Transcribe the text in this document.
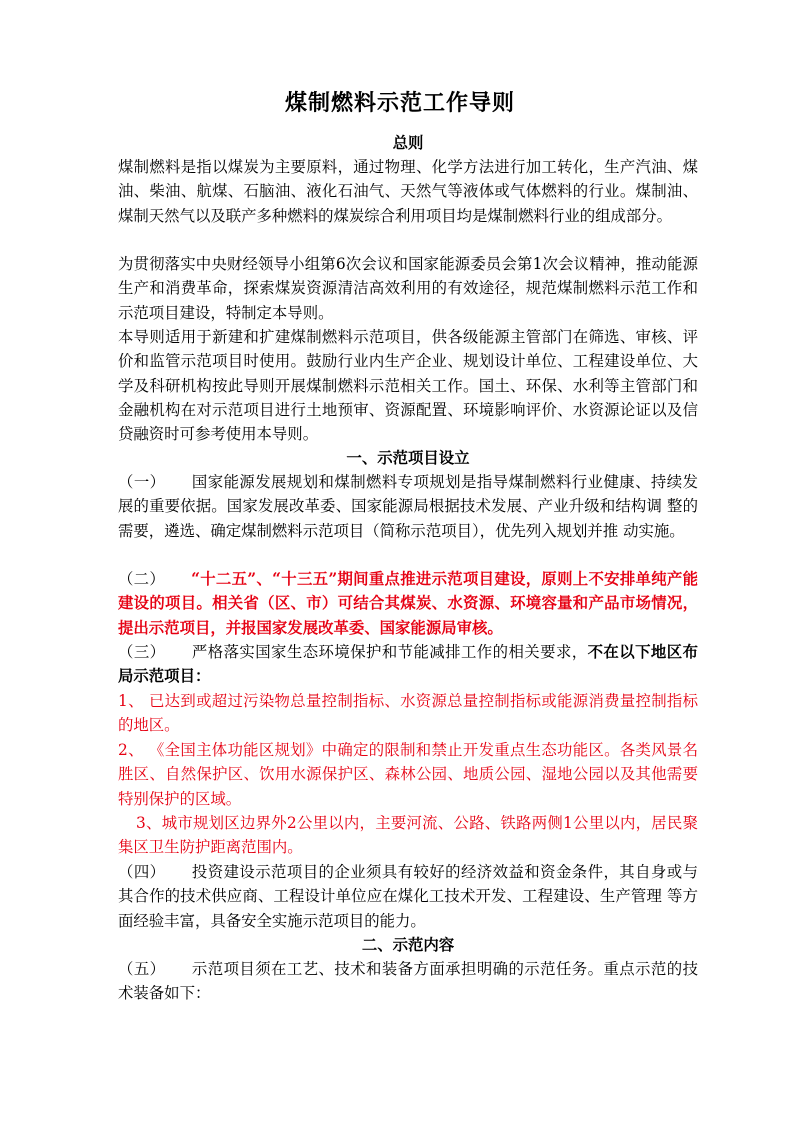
煤制燃料示范工作导则
总则
煤制燃料是指以煤炭为主要原料，通过物理、化学方法进行加工转化，生产汽油、煤油、柴油、航煤、石脑油、液化石油气、天然气等液体或气体燃料的行业。煤制油、煤制天然气以及联产多种燃料的煤炭综合利用项目均是煤制燃料行业的组成部分。
为贯彻落实中央财经领导小组第6次会议和国家能源委员会第1次会议精神，推动能源生产和消费革命，探索煤炭资源清洁高效利用的有效途径，规范煤制燃料示范工作和示范项目建设，特制定本导则。
本导则适用于新建和扩建煤制燃料示范项目，供各级能源主管部门在筛选、审核、评价和监管示范项目时使用。鼓励行业内生产企业、规划设计单位、工程建设单位、大学及科研机构按此导则开展煤制燃料示范相关工作。国土、环保、水利等主管部门和金融机构在对示范项目进行土地预审、资源配置、环境影响评价、水资源论证以及信贷融资时可参考使用本导则。
一、示范项目设立
（一） 国家能源发展规划和煤制燃料专项规划是指导煤制燃料行业健康、持续发 展的重要依据。国家发展改革委、国家能源局根据技术发展、产业升级和结构调 整的需要，遴选、确定煤制燃料示范项目（简称示范项目），优先列入规划并推 动实施。
（二） “十二五”、“十三五”期间重点推进示范项目建设，原则上不安排单纯产能建设的项目。相关省（区、市）可结合其煤炭、水资源、环境容量和产品市场情况，提出示范项目，并报国家发展改革委、国家能源局审核。
（三） 严格落实国家生态环境保护和节能减排工作的相关要求，不在以下地区布 局示范项目：
1、 已达到或超过污染物总量控制指标、水资源总量控制指标或能源消费量控制指标的地区。
2、 《全国主体功能区规划》中确定的限制和禁止开发重点生态功能区。各类风景名胜区、自然保护区、饮用水源保护区、森林公园、地质公园、湿地公园以及其他需要特别保护的区域。
3、城市规划区边界外2公里以内，主要河流、公路、铁路两侧1公里以内，居民聚集区卫生防护距离范围内。
（四） 投资建设示范项目的企业须具有较好的经济效益和资金条件，其自身或与 其合作的技术供应商、工程设计单位应在煤化工技术开发、工程建设、生产管理 等方面经验丰富，具备安全实施示范项目的能力。
二、示范内容
（五） 示范项目须在工艺、技术和装备方面承担明确的示范任务。重点示范的技 术装备如下：
